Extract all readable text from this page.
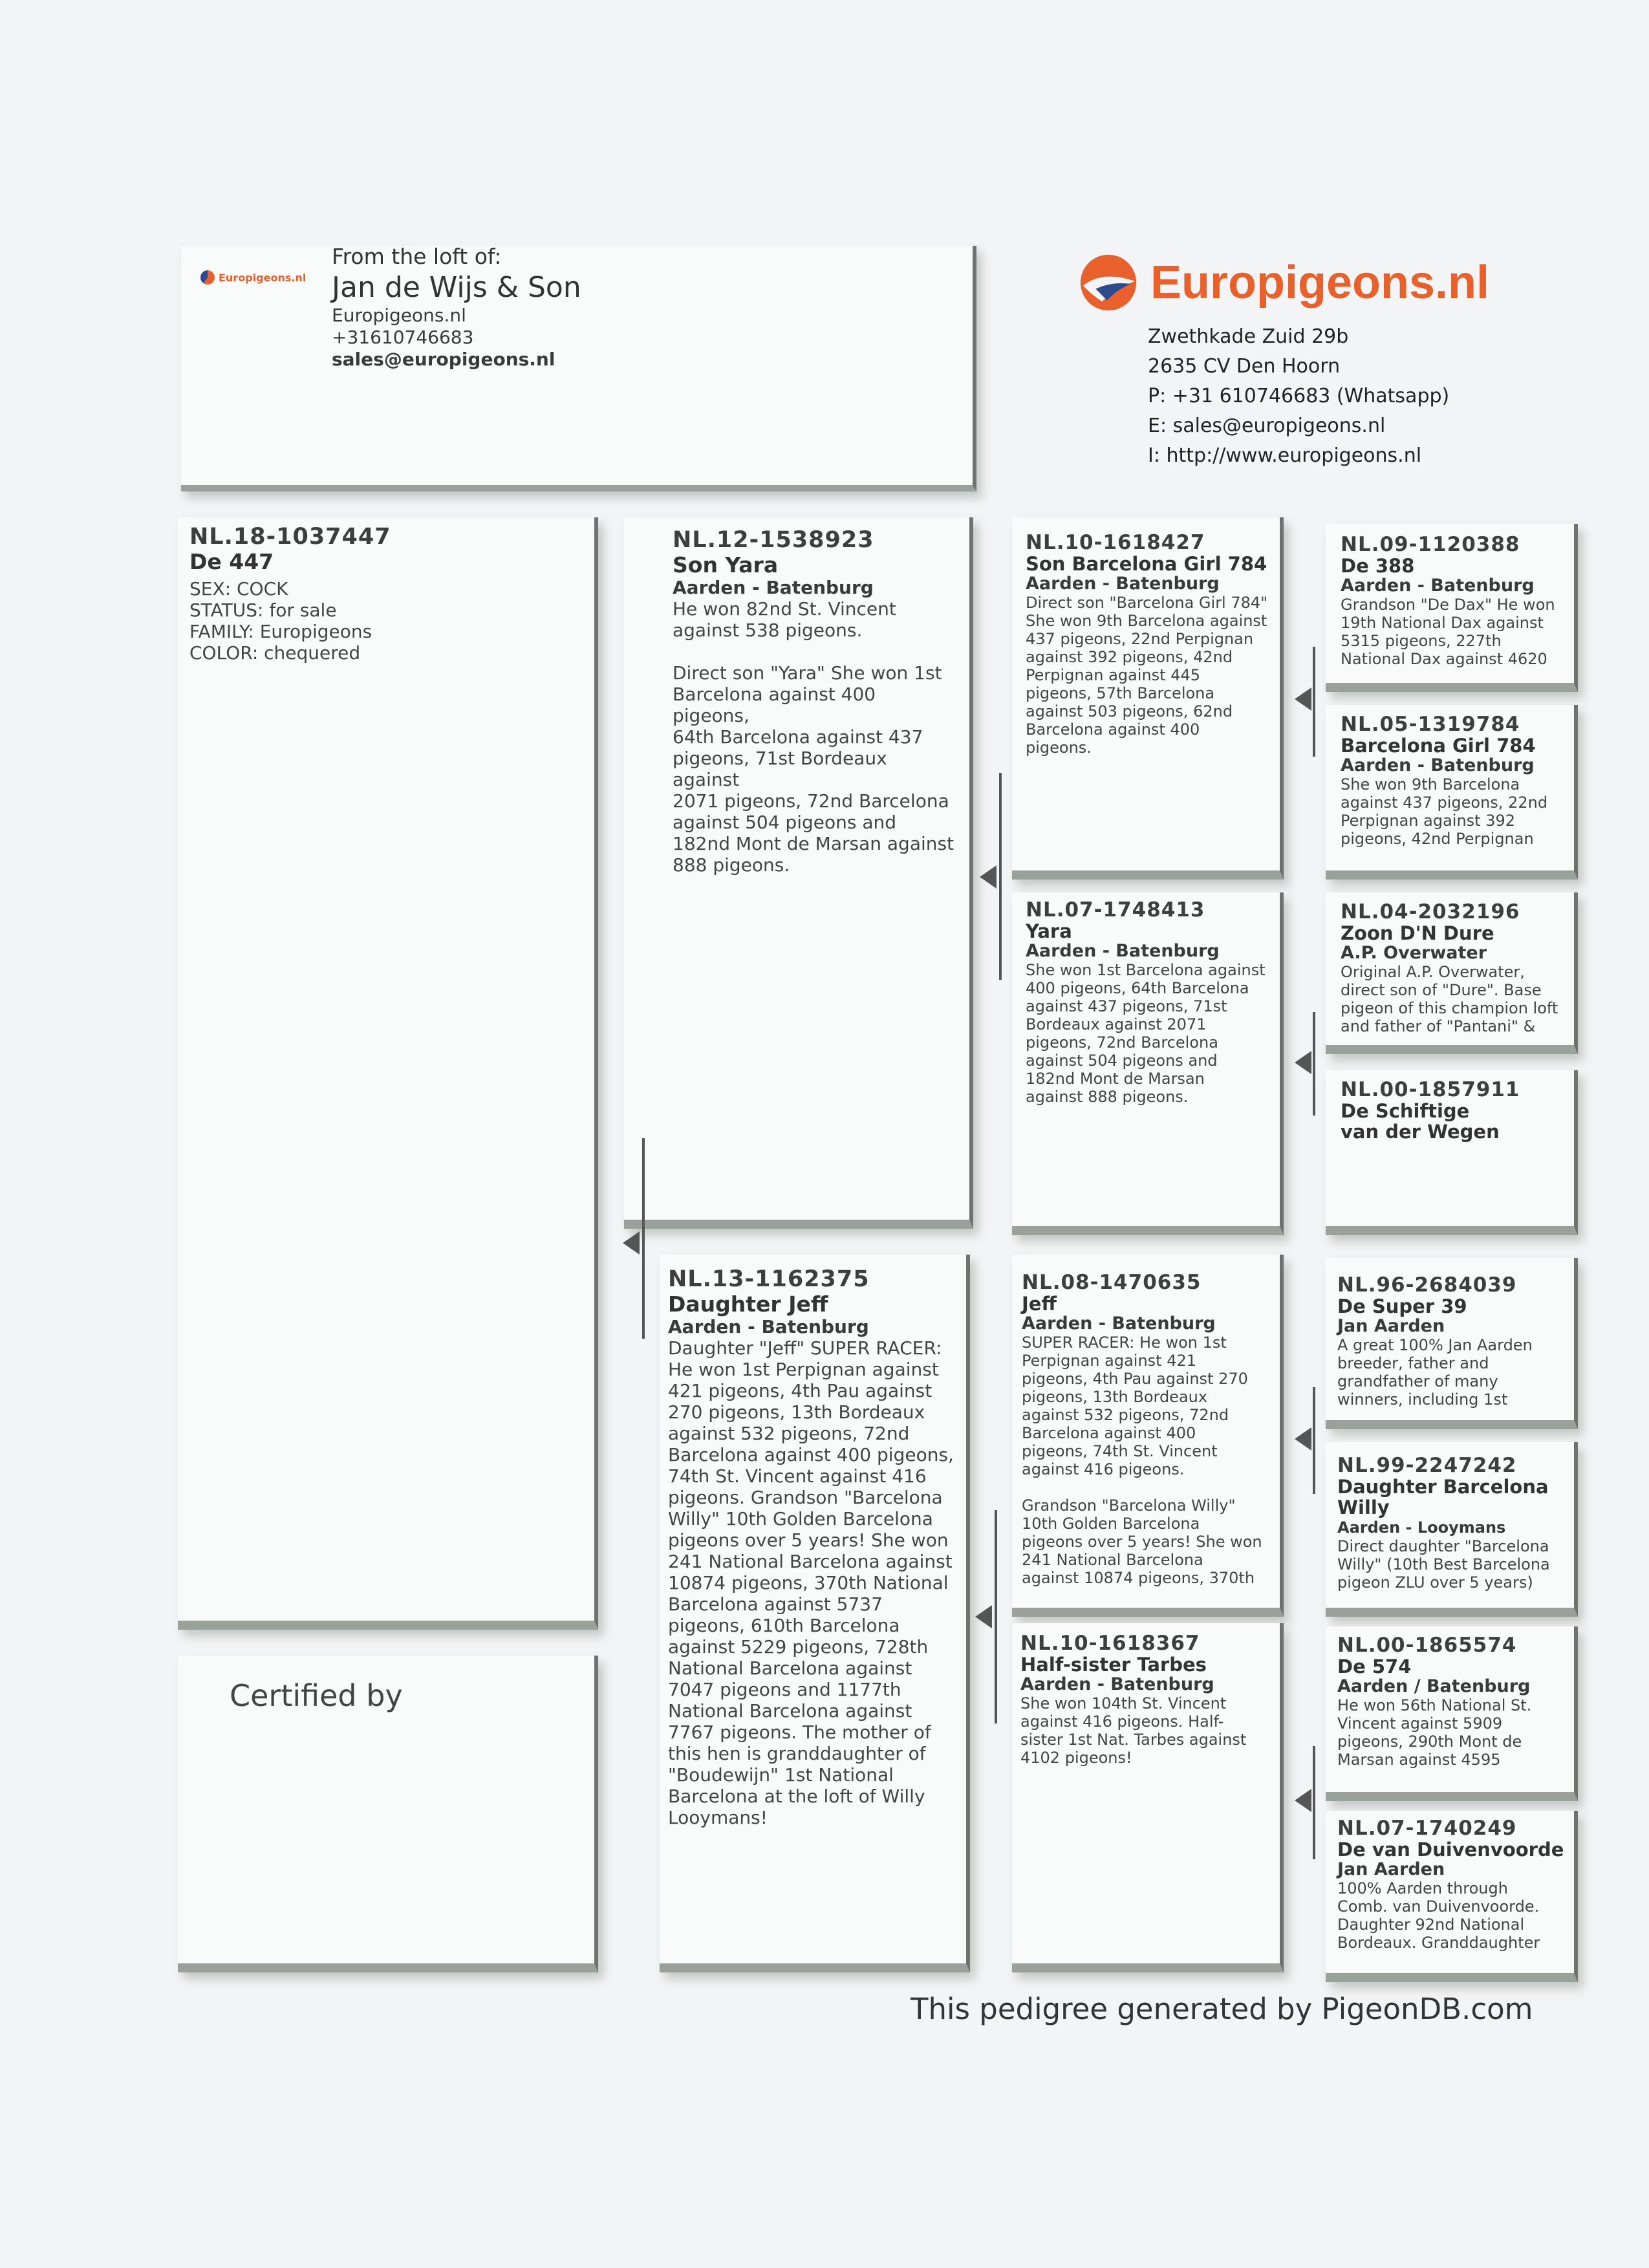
Europigeons.nl
From the loft of:
Jan de Wijs & Son
Europigeons.nl
+31610746683
sales@europigeons.nl
Europigeons.nl
Zwethkade Zuid 29b
2635 CV Den Hoorn
P: +31 610746683 (Whatsapp)
E: sales@europigeons.nl
I: http://www.europigeons.nl
NL.18-1037447
De 447
SEX: COCK
STATUS: for sale
FAMILY: Europigeons
COLOR: chequered
Certified by
NL.12-1538923
Son Yara
Aarden - Batenburg
He won 82nd St. Vincent
against 538 pigeons.

Direct son "Yara" She won 1st
Barcelona against 400 pigeons,
64th Barcelona against 437
pigeons, 71st Bordeaux against
2071 pigeons, 72nd Barcelona
against 504 pigeons and
182nd Mont de Marsan against
888 pigeons.
NL.13-1162375
Daughter Jeff
Aarden - Batenburg
Daughter "Jeff" SUPER RACER:
He won 1st Perpignan against
421 pigeons, 4th Pau against
270 pigeons, 13th Bordeaux
against 532 pigeons, 72nd
Barcelona against 400 pigeons,
74th St. Vincent against 416
pigeons. Grandson "Barcelona
Willy" 10th Golden Barcelona
pigeons over 5 years! She won
241 National Barcelona against
10874 pigeons, 370th National
Barcelona against 5737
pigeons, 610th Barcelona
against 5229 pigeons, 728th
National Barcelona against
7047 pigeons and 1177th
National Barcelona against
7767 pigeons. The mother of
this hen is granddaughter of
"Boudewijn" 1st National
Barcelona at the loft of Willy
Looymans!
NL.10-1618427
Son Barcelona Girl 784
Aarden - Batenburg
Direct son "Barcelona Girl 784"
She won 9th Barcelona against
437 pigeons, 22nd Perpignan
against 392 pigeons, 42nd
Perpignan against 445
pigeons, 57th Barcelona
against 503 pigeons, 62nd
Barcelona against 400
pigeons.
NL.07-1748413
Yara
Aarden - Batenburg
She won 1st Barcelona against
400 pigeons, 64th Barcelona
against 437 pigeons, 71st
Bordeaux against 2071
pigeons, 72nd Barcelona
against 504 pigeons and
182nd Mont de Marsan
against 888 pigeons.
NL.08-1470635
Jeff
Aarden - Batenburg
SUPER RACER: He won 1st
Perpignan against 421
pigeons, 4th Pau against 270
pigeons, 13th Bordeaux
against 532 pigeons, 72nd
Barcelona against 400
pigeons, 74th St. Vincent
against 416 pigeons.

Grandson "Barcelona Willy"
10th Golden Barcelona
pigeons over 5 years! She won
241 National Barcelona
against 10874 pigeons, 370th
NL.10-1618367
Half-sister Tarbes
Aarden - Batenburg
She won 104th St. Vincent
against 416 pigeons. Half-
sister 1st Nat. Tarbes against
4102 pigeons!
NL.09-1120388
De 388
Aarden - Batenburg
Grandson "De Dax" He won
19th National Dax against
5315 pigeons, 227th
National Dax against 4620
NL.05-1319784
Barcelona Girl 784
Aarden - Batenburg
She won 9th Barcelona
against 437 pigeons, 22nd
Perpignan against 392
pigeons, 42nd Perpignan
NL.04-2032196
Zoon D'N Dure
A.P. Overwater
Original A.P. Overwater,
direct son of "Dure". Base
pigeon of this champion loft
and father of "Pantani" &
NL.00-1857911
De Schiftige
van der Wegen
NL.96-2684039
De Super 39
Jan Aarden
A great 100% Jan Aarden
breeder, father and
grandfather of many
winners, including 1st
NL.99-2247242
Daughter Barcelona
Willy
Aarden - Looymans
Direct daughter "Barcelona
Willy" (10th Best Barcelona
pigeon ZLU over 5 years)
NL.00-1865574
De 574
Aarden / Batenburg
He won 56th National St.
Vincent against 5909
pigeons, 290th Mont de
Marsan against 4595
NL.07-1740249
De van Duivenvoorde
Jan Aarden
100% Aarden through
Comb. van Duivenvoorde.
Daughter 92nd National
Bordeaux. Granddaughter
This pedigree generated by PigeonDB.com
